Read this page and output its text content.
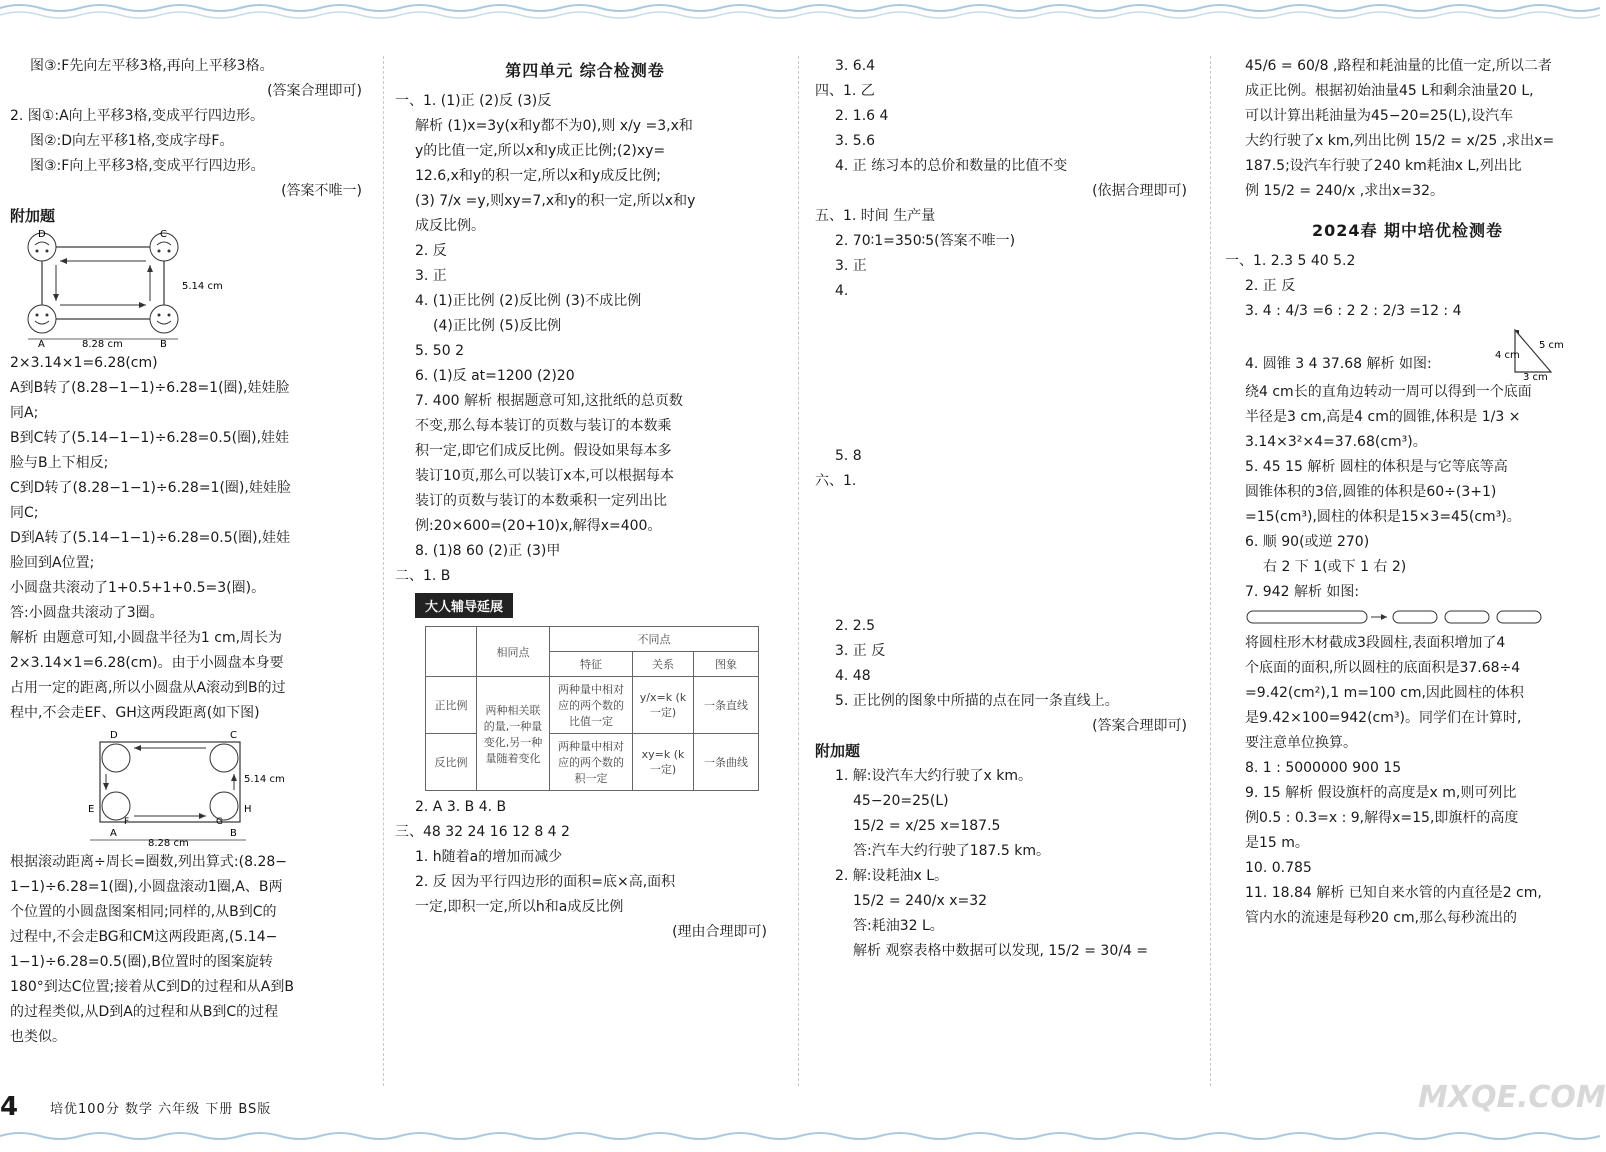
图③:F先向左平移3格,再向上平移3格。
(答案合理即可)
2. 图①:A向上平移3格,变成平行四边形。
图②:D向左平移1格,变成字母F。
图③:F向上平移3格,变成平行四边形。
(答案不唯一)
附加题
D	C
A	B
8.28 cm
5.14 cm
2×3.14×1=6.28(cm)
A到B转了(8.28−1−1)÷6.28=1(圈),娃娃脸
同A;
B到C转了(5.14−1−1)÷6.28=0.5(圈),娃娃
脸与B上下相反;
C到D转了(8.28−1−1)÷6.28=1(圈),娃娃脸
同C;
D到A转了(5.14−1−1)÷6.28=0.5(圈),娃娃
脸回到A位置;
小圆盘共滚动了1+0.5+1+0.5=3(圈)。
答:小圆盘共滚动了3圈。
解析 由题意可知,小圆盘半径为1 cm,周长为
2×3.14×1=6.28(cm)。由于小圆盘本身要
占用一定的距离,所以小圆盘从A滚动到B的过
程中,不会走EF、GH这两段距离(如下图)
D	C
A	B
E
F	G
H
8.28 cm
5.14 cm
根据滚动距离÷周长=圈数,列出算式:(8.28−
1−1)÷6.28=1(圈),小圆盘滚动1圈,A、B两
个位置的小圆盘图案相同;同样的,从B到C的
过程中,不会走BG和CM这两段距离,(5.14−
1−1)÷6.28=0.5(圈),B位置时的图案旋转
180°到达C位置;接着从C到D的过程和从A到B
的过程类似,从D到A的过程和从B到C的过程
也类似。
第四单元 综合检测卷
一、1. (1)正 (2)反 (3)反
解析 (1)x=3y(x和y都不为0),则 x/y =3,x和
y的比值一定,所以x和y成正比例;(2)xy=
12.6,x和y的积一定,所以x和y成反比例;
(3) 7/x =y,则xy=7,x和y的积一定,所以x和y
成反比例。
2. 反
3. 正
4. (1)正比例 (2)反比例 (3)不成比例
(4)正比例 (5)反比例
5. 50 2
6. (1)反 at=1200 (2)20
7. 400 解析 根据题意可知,这批纸的总页数
不变,那么每本装订的页数与装订的本数乘
积一定,即它们成反比例。假设如果每本多
装订10页,那么可以装订x本,可以根据每本
装订的页数与装订的本数乘积一定列出比
例:20×600=(20+10)x,解得x=400。
8. (1)8 60 (2)正 (3)甲
二、1. B
大人辅导延展
	相同点	不同点		
		特征	关系	图象
正比例	两种相关联的量,一种量变化,另一种量随着变化	两种量中相对应的两个数的比值一定	y/x=k (k一定)	一条直线
反比例		两种量中相对应的两个数的积一定	xy=k (k一定)	一条曲线
2. A 3. B 4. B
三、48 32 24 16 12 8 4 2
1. h随着a的增加而减少
2. 反 因为平行四边形的面积=底×高,面积
一定,即积一定,所以h和a成反比例
(理由合理即可)
3. 6.4
四、1. 乙
2. 1.6 4
3. 5.6
4. 正 练习本的总价和数量的比值不变
(依据合理即可)
五、1. 时间 生产量
2. 70∶1=350∶5(答案不唯一)
3. 正
4.
5. 8
六、1.
2. 2.5
3. 正 反
4. 48
5. 正比例的图象中所描的点在同一条直线上。
(答案合理即可)
附加题
1. 解:设汽车大约行驶了x km。
45−20=25(L)
15/2 = x/25 x=187.5
答:汽车大约行驶了187.5 km。
2. 解:设耗油x L。
15/2 = 240/x x=32
答:耗油32 L。
解析 观察表格中数据可以发现, 15/2 = 30/4 =
45/6 = 60/8 ,路程和耗油量的比值一定,所以二者
成正比例。根据初始油量45 L和剩余油量20 L,
可以计算出耗油量为45−20=25(L),设汽车
大约行驶了x km,列出比例 15/2 = x/25 ,求出x=
187.5;设汽车行驶了240 km耗油x L,列出比
例 15/2 = 240/x ,求出x=32。
2024春 期中培优检测卷
一、1. 2.3 5 40 5.2
2. 正 反
3. 4 : 4/3 =6 : 2 2 : 2/3 =12 : 4
4. 圆锥 3 4 37.68 解析 如图:
4 cm
5 cm
3 cm
绕4 cm长的直角边转动一周可以得到一个底面
半径是3 cm,高是4 cm的圆锥,体积是 1/3 ×
3.14×3²×4=37.68(cm³)。
5. 45 15 解析 圆柱的体积是与它等底等高
圆锥体积的3倍,圆锥的体积是60÷(3+1)
=15(cm³),圆柱的体积是15×3=45(cm³)。
6. 顺 90(或逆 270)
右 2 下 1(或下 1 右 2)
7. 942 解析 如图:
将圆柱形木材截成3段圆柱,表面积增加了4
个底面的面积,所以圆柱的底面积是37.68÷4
=9.42(cm²),1 m=100 cm,因此圆柱的体积
是9.42×100=942(cm³)。同学们在计算时,
要注意单位换算。
8. 1 : 5000000 900 15
9. 15 解析 假设旗杆的高度是x m,则可列比
例0.5 : 0.3=x : 9,解得x=15,即旗杆的高度
是15 m。
10. 0.785
11. 18.84 解析 已知自来水管的内直径是2 cm,
管内水的流速是每秒20 cm,那么每秒流出的
4 培优100分 数学 六年级 下册 BS版	MXQE.COM
